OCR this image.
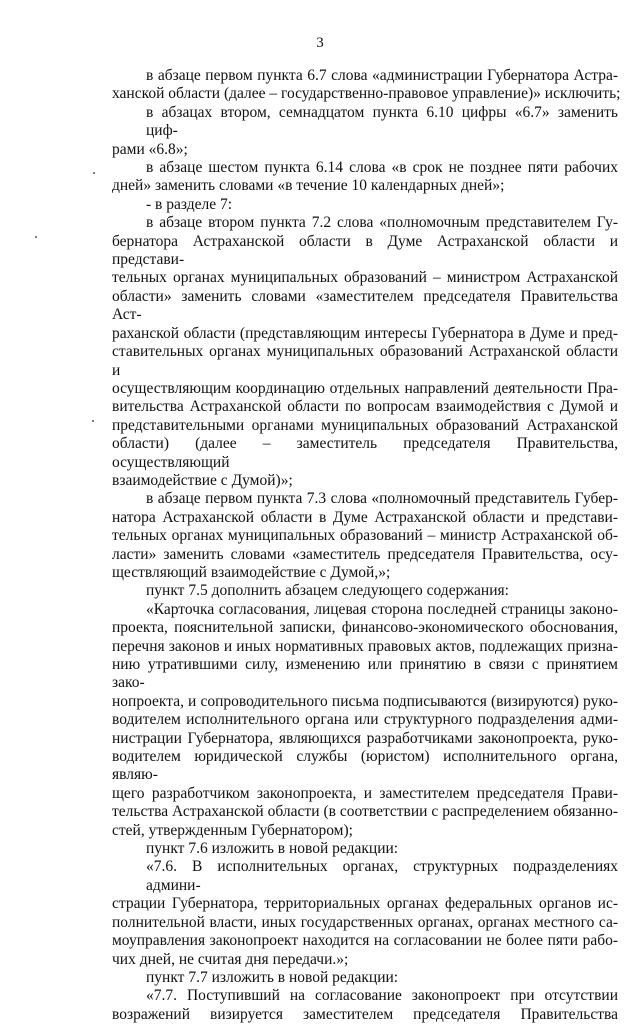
3
в абзаце первом пункта 6.7 слова «администрации Губернатора Астра-
ханской области (далее – государственно-правовое управление)» исключить;
в абзацах втором, семнадцатом пункта 6.10 цифры «6.7» заменить циф-
рами «6.8»;
в абзаце шестом пункта 6.14 слова «в срок не позднее пяти рабочих
дней» заменить словами «в течение 10 календарных дней»;
- в разделе 7:
в абзаце втором пункта 7.2 слова «полномочным представителем Гу-
бернатора Астраханской области в Думе Астраханской области и представи-
тельных органах муниципальных образований – министром Астраханской
области» заменить словами «заместителем председателя Правительства Аст-
раханской области (представляющим интересы Губернатора в Думе и пред-
ставительных органах муниципальных образований Астраханской области и
осуществляющим координацию отдельных направлений деятельности Пра-
вительства Астраханской области по вопросам взаимодействия с Думой и
представительными органами муниципальных образований Астраханской
области) (далее – заместитель председателя Правительства, осуществляющий
взаимодействие с Думой)»;
в абзаце первом пункта 7.3 слова «полномочный представитель Губер-
натора Астраханской области в Думе Астраханской области и представи-
тельных органах муниципальных образований – министр Астраханской об-
ласти» заменить словами «заместитель председателя Правительства, осу-
ществляющий взаимодействие с Думой,»;
пункт 7.5 дополнить абзацем следующего содержания:
«Карточка согласования, лицевая сторона последней страницы законо-
проекта, пояснительной записки, финансово-экономического обоснования,
перечня законов и иных нормативных правовых актов, подлежащих призна-
нию утратившими силу, изменению или принятию в связи с принятием зако-
нопроекта, и сопроводительного письма подписываются (визируются) руко-
водителем исполнительного органа или структурного подразделения адми-
нистрации Губернатора, являющихся разработчиками законопроекта, руко-
водителем юридической службы (юристом) исполнительного органа, являю-
щего разработчиком законопроекта, и заместителем председателя Прави-
тельства Астраханской области (в соответствии с распределением обязанно-
стей, утвержденным Губернатором);
пункт 7.6 изложить в новой редакции:
«7.6. В исполнительных органах, структурных подразделениях админи-
страции Губернатора, территориальных органах федеральных органов ис-
полнительной власти, иных государственных органах, органах местного са-
моуправления законопроект находится на согласовании не более пяти рабо-
чих дней, не считая дня передачи.»;
пункт 7.7 изложить в новой редакции:
«7.7. Поступивший на согласование законопроект при отсутствии
возражений визируется заместителем председателя Правительства
